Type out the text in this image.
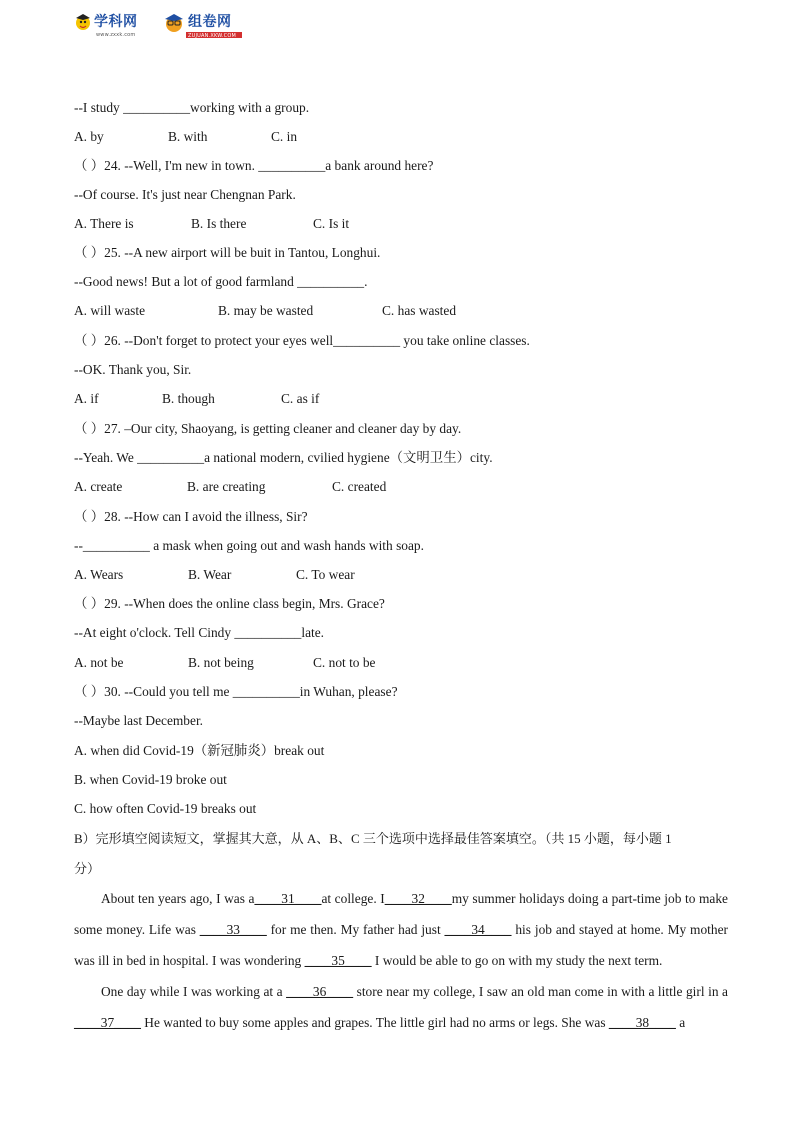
学科网
www.zxxk.com
组卷网
ZUJUAN.XKW.COM
--I study __________working with a group.
A. by	B. with	C. in
（ ）24. --Well, I'm new in town. __________a bank around here?
--Of course. It's just near Chengnan Park.
A. There is	B. Is there	C. Is it
（ ）25. --A new airport will be buit in Tantou, Longhui.
--Good news! But a lot of good farmland __________.
A. will waste	B. may be wasted	C. has wasted
（ ）26. --Don't forget to protect your eyes well__________ you take online classes.
--OK. Thank you, Sir.
A. if	B. though	C. as if
（ ）27. –Our city, Shaoyang, is getting cleaner and cleaner day by day.
--Yeah. We __________a national modern, cvilied hygiene（文明卫生）city.
A. create	B. are creating	C. created
（ ）28. --How can I avoid the illness, Sir?
--__________ a mask when going out and wash hands with soap.
A. Wears	B. Wear	C. To wear
（ ）29. --When does the online class begin, Mrs. Grace?
--At eight o'clock. Tell Cindy __________late.
A. not be	B. not being	C. not to be
（ ）30. --Could you tell me __________in Wuhan, please?
--Maybe last December.
A. when did Covid-19（新冠肺炎）break out
B. when Covid-19 broke out
C. how often Covid-19 breaks out
B）完形填空阅读短文，掌握其大意，从 A、B、C 三个选项中选择最佳答案填空。（共 15 小题，每小题 1
分）
About ten years ago, I was a____31____at college. I____32____my summer holidays doing a part-time job to make some money. Life was ____33____ for me then. My father had just ____34____ his job and stayed at home. My mother was ill in bed in hospital. I was wondering ____35____ I would be able to go on with my study the next term.
One day while I was working at a ____36____ store near my college, I saw an old man come in with a little girl in a ____37____ He wanted to buy some apples and grapes. The little girl had no arms or legs. She was ____38____ a
